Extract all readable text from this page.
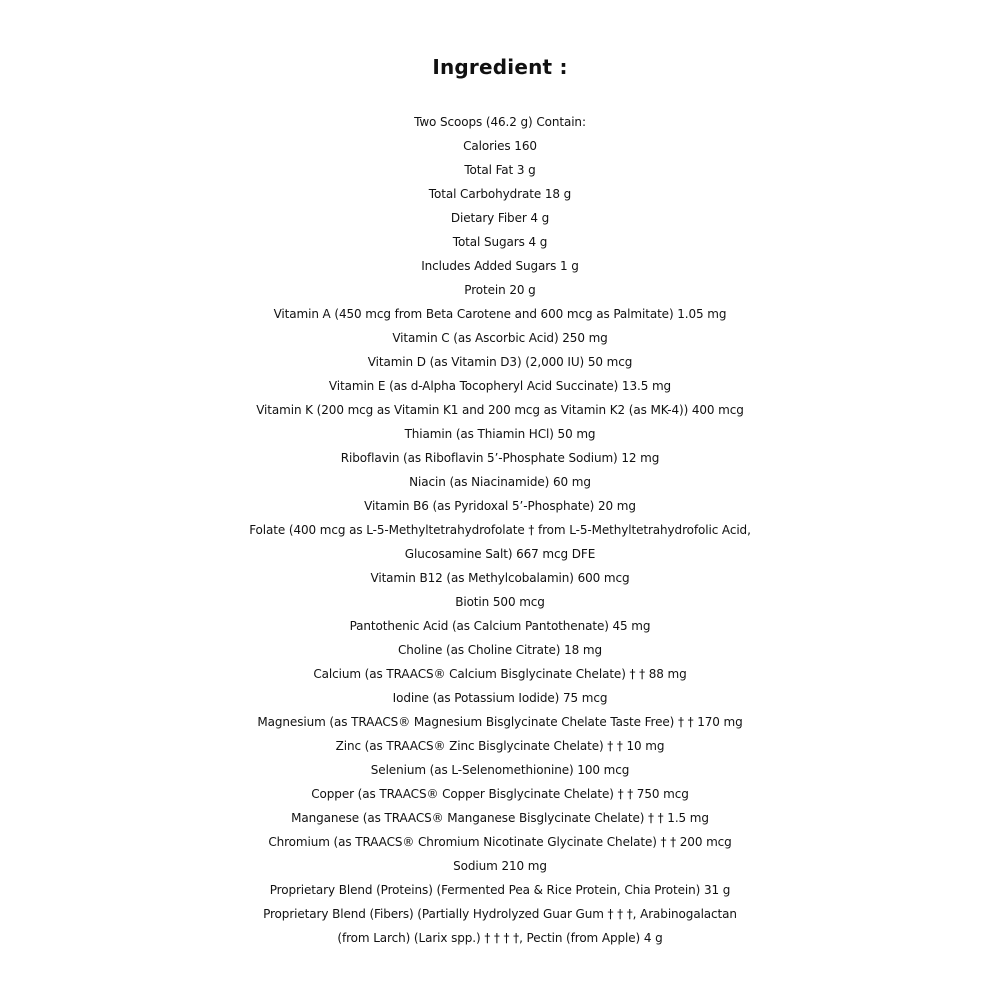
Ingredient :
Two Scoops (46.2 g) Contain:
Calories 160
Total Fat 3 g
Total Carbohydrate 18 g
Dietary Fiber 4 g
Total Sugars 4 g
Includes Added Sugars 1 g
Protein 20 g
Vitamin A (450 mcg from Beta Carotene and 600 mcg as Palmitate) 1.05 mg
Vitamin C (as Ascorbic Acid) 250 mg
Vitamin D (as Vitamin D3) (2,000 IU) 50 mcg
Vitamin E (as d-Alpha Tocopheryl Acid Succinate) 13.5 mg
Vitamin K (200 mcg as Vitamin K1 and 200 mcg as Vitamin K2 (as MK-4)) 400 mcg
Thiamin (as Thiamin HCl) 50 mg
Riboflavin (as Riboflavin 5’-Phosphate Sodium) 12 mg
Niacin (as Niacinamide) 60 mg
Vitamin B6 (as Pyridoxal 5’-Phosphate) 20 mg
Folate (400 mcg as L-5-Methyltetrahydrofolate † from L-5-Methyltetrahydrofolic Acid,
Glucosamine Salt) 667 mcg DFE
Vitamin B12 (as Methylcobalamin) 600 mcg
Biotin 500 mcg
Pantothenic Acid (as Calcium Pantothenate) 45 mg
Choline (as Choline Citrate) 18 mg
Calcium (as TRAACS® Calcium Bisglycinate Chelate) † † 88 mg
Iodine (as Potassium Iodide) 75 mcg
Magnesium (as TRAACS® Magnesium Bisglycinate Chelate Taste Free) † † 170 mg
Zinc (as TRAACS® Zinc Bisglycinate Chelate) † † 10 mg
Selenium (as L-Selenomethionine) 100 mcg
Copper (as TRAACS® Copper Bisglycinate Chelate) † † 750 mcg
Manganese (as TRAACS® Manganese Bisglycinate Chelate) † † 1.5 mg
Chromium (as TRAACS® Chromium Nicotinate Glycinate Chelate) † † 200 mcg
Sodium 210 mg
Proprietary Blend (Proteins) (Fermented Pea & Rice Protein, Chia Protein) 31 g
Proprietary Blend (Fibers) (Partially Hydrolyzed Guar Gum † † †, Arabinogalactan
(from Larch) (Larix spp.) † † † †, Pectin (from Apple) 4 g
